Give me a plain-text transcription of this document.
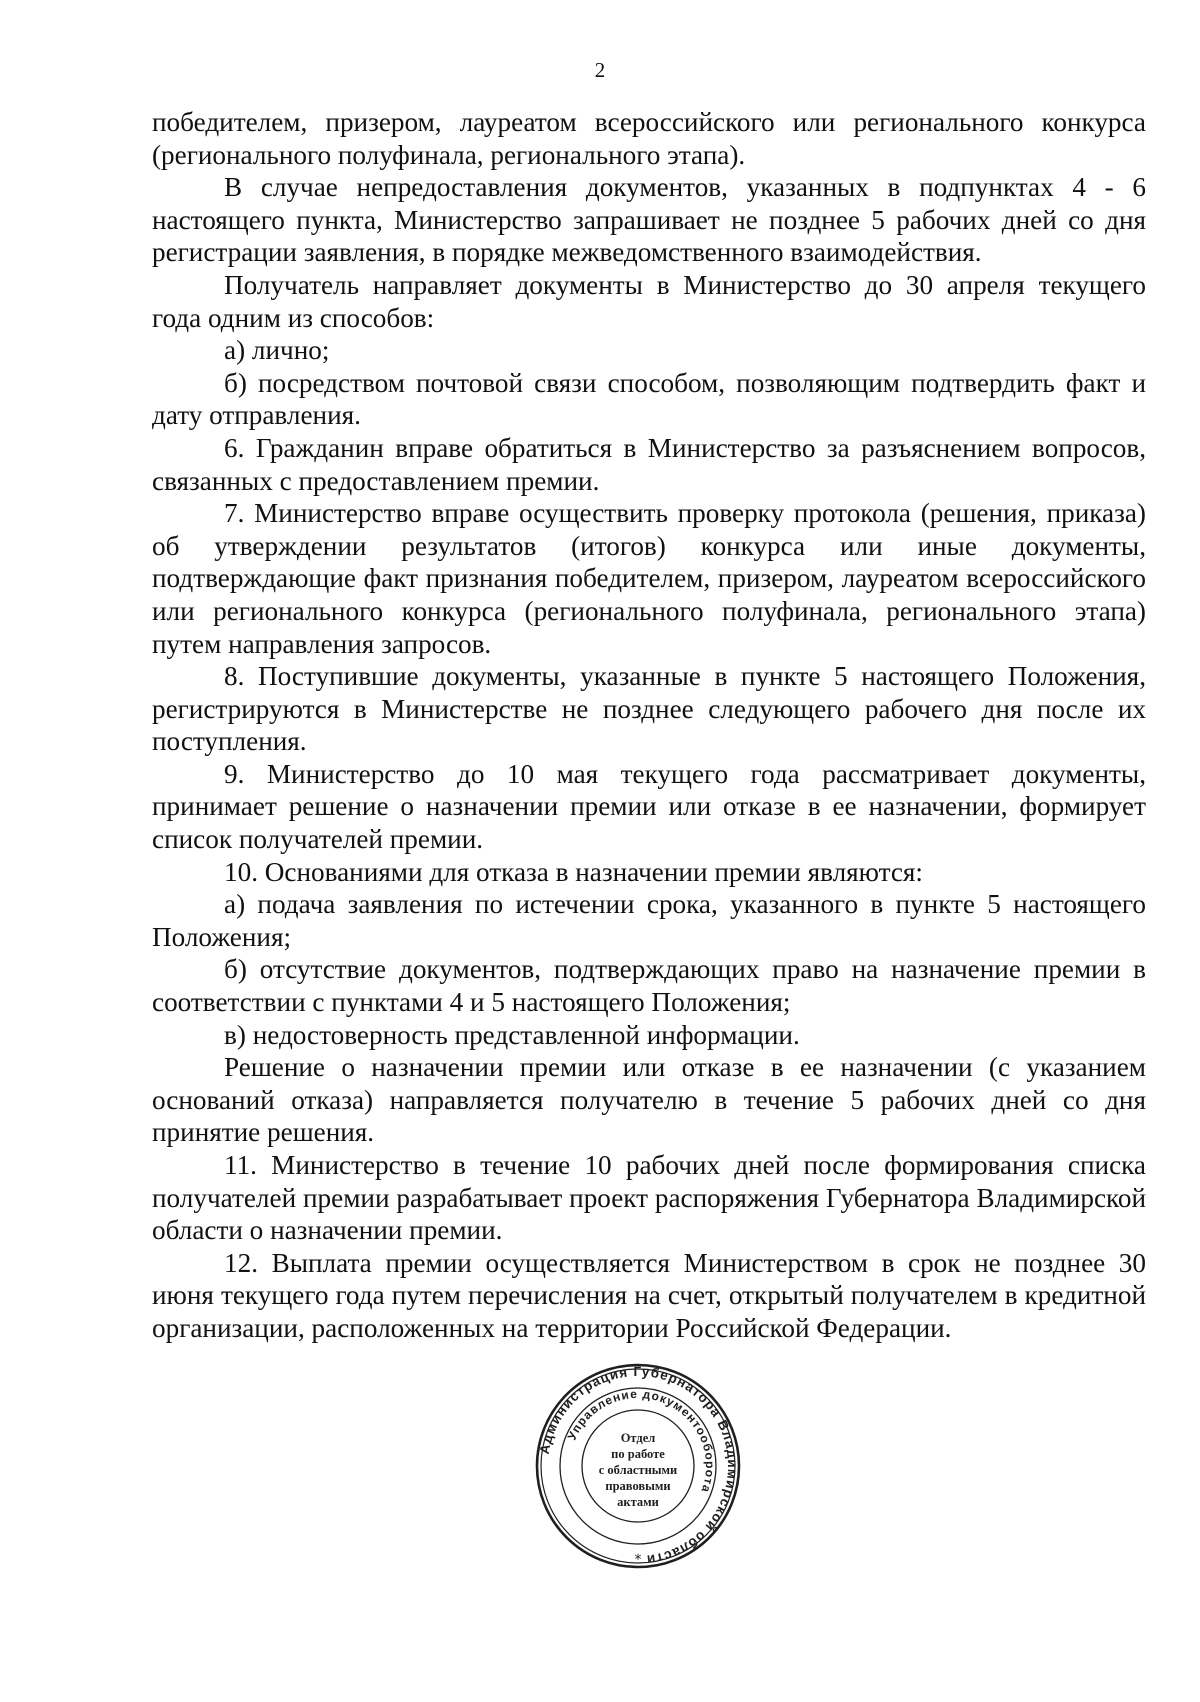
2

победителем, призером, лауреатом всероссийского или регионального конкурса (регионального полуфинала, регионального этапа).

В случае непредоставления документов, указанных в подпунктах 4 - 6 настоящего пункта, Министерство запрашивает не позднее 5 рабочих дней со дня регистрации заявления, в порядке межведомственного взаимодействия.

Получатель направляет документы в Министерство до 30 апреля текущего года одним из способов:

а) лично;

б) посредством почтовой связи способом, позволяющим подтвердить факт и дату отправления.

6. Гражданин вправе обратиться в Министерство за разъяснением вопросов, связанных с предоставлением премии.

7. Министерство вправе осуществить проверку протокола (решения, приказа) об утверждении результатов (итогов) конкурса или иные документы, подтверждающие факт признания победителем, призером, лауреатом всероссийского или регионального конкурса (регионального полуфинала, регионального этапа) путем направления запросов.

8. Поступившие документы, указанные в пункте 5 настоящего Положения, регистрируются в Министерстве не позднее следующего рабочего дня после их поступления.

9. Министерство до 10 мая текущего года рассматривает документы, принимает решение о назначении премии или отказе в ее назначении, формирует список получателей премии.

10. Основаниями для отказа в назначении премии являются:

а) подача заявления по истечении срока, указанного в пункте 5 настоящего Положения;

б) отсутствие документов, подтверждающих право на назначение премии в соответствии с пунктами 4 и 5 настоящего Положения;

в) недостоверность представленной информации.

Решение о назначении премии или отказе в ее назначении (с указанием оснований отказа) направляется получателю в течение 5 рабочих дней со дня принятие решения.

11. Министерство в течение 10 рабочих дней после формирования списка получателей премии разрабатывает проект распоряжения Губернатора Владимирской области о назначении премии.

12. Выплата премии осуществляется Министерством в срок не позднее 30 июня текущего года путем перечисления на счет, открытый получателем в кредитной организации, расположенных на территории Российской Федерации.

Администрация Губернатора Владимирской области
Управление документооборота
Отдел
по работе
с областными
правовыми
актами
*
